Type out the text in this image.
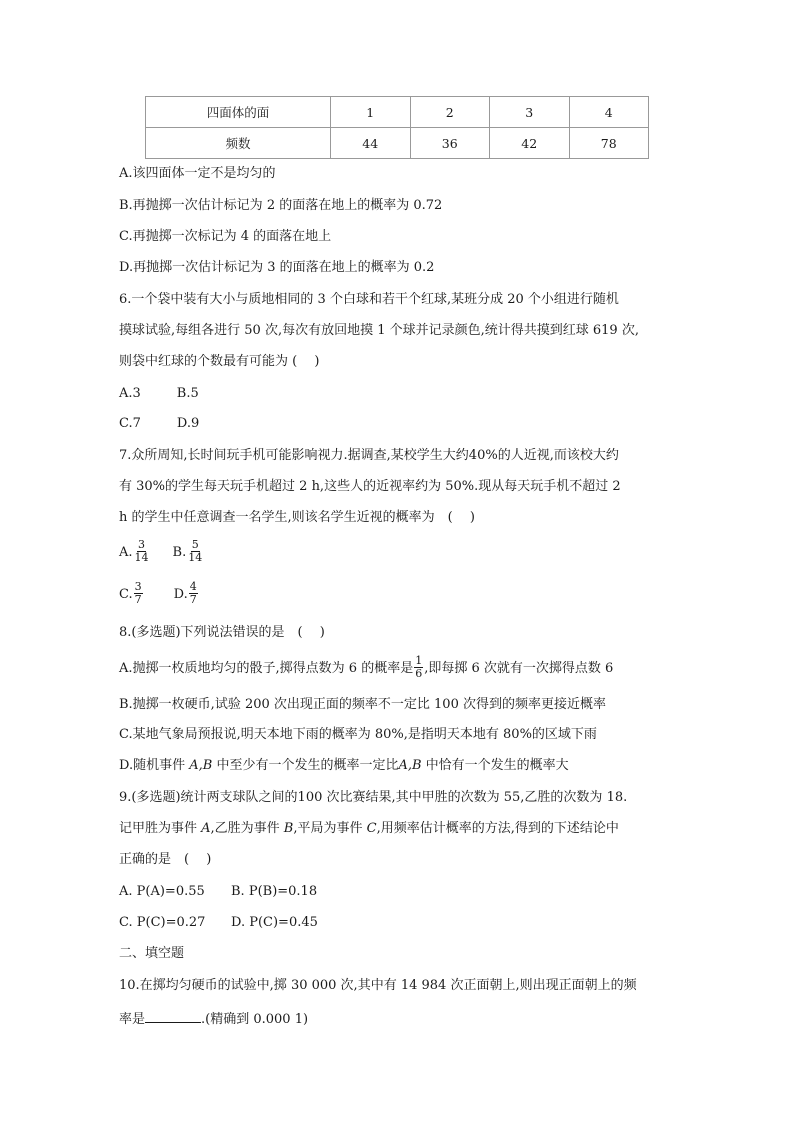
四面体的面	1	2	3	4
频数	44	36	42	78
A.该四面体一定不是均匀的
B.再抛掷一次估计标记为 2 的面落在地上的概率为 0.72
C.再抛掷一次标记为 4 的面落在地上
D.再抛掷一次估计标记为 3 的面落在地上的概率为 0.2
6.一个袋中装有大小与质地相同的 3 个白球和若干个红球,某班分成 20 个小组进行随机
摸球试验,每组各进行 50 次,每次有放回地摸 1 个球并记录颜色,统计得共摸到红球 619 次,
则袋中红球的个数最有可能为 (　 )
A.3	B.5
C.7	D.9
7.众所周知,长时间玩手机可能影响视力.据调查,某校学生大约40%的人近视,而该校大约
有 30%的学生每天玩手机超过 2 h,这些人的近视率约为 50%.现从每天玩手机不超过 2
h 的学生中任意调查一名学生,则该名学生近视的概率为　(　 )
A. $\frac{3}{14} B$. $\frac{5}{14}$
C. $\frac{3}{7} D$. $\frac{4}{7}$
8.(多选题)下列说法错误的是　(　 )
A.抛掷一枚质地均匀的骰子,掷得点数为 6 的概率是 $\frac{1}{6}$ ,即每掷 6 次就有一次掷得点数 6
B.抛掷一枚硬币,试验 200 次出现正面的频率不一定比 100 次得到的频率更接近概率
C.某地气象局预报说,明天本地下雨的概率为 80%,是指明天本地有 80%的区域下雨
D.随机事件 A,B 中至少有一个发生的概率一定比A,B 中恰有一个发生的概率大
9.(多选题)统计两支球队之间的100 次比赛结果,其中甲胜的次数为 55,乙胜的次数为 18.
记甲胜为事件 A,乙胜为事件 B,平局为事件 C,用频率估计概率的方法,得到的下述结论中
正确的是　(　 )
A. P(A)=0.55 B. P(B)=0.18
C. P(C)=0.27 D. P(C)=0.45
二、填空题
10.在掷均匀硬币的试验中,掷 30 000 次,其中有 14 984 次正面朝上,则出现正面朝上的频
率是	.(精确到 0.000 1)
